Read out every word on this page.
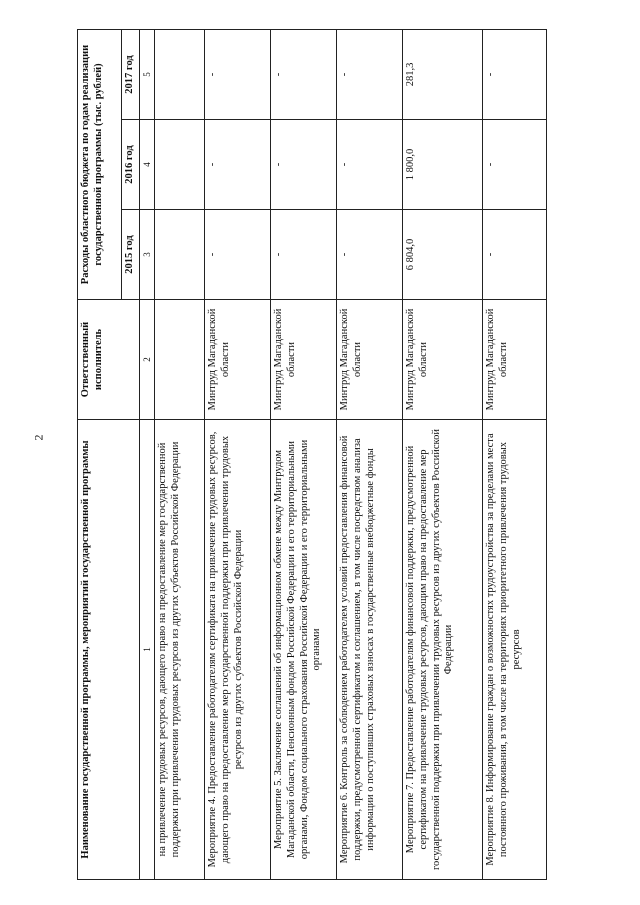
2
Наименование государственной программы, мероприятий государственной программы	Ответственный исполнитель	Расходы областного бюджета по годам реализации государственной программы (тыс. рублей)		
		2015 год	2016 год	2017 год
1	2	3	4	5
на привлечение трудовых ресурсов, дающего право на предоставление мер государственной поддержки при привлечении трудовых ресурсов из других субъектов Российской Федерации				
Мероприятие 4. Предоставление работодателям сертификата на привлечение трудовых ресурсов, дающего право на предоставление мер государственной поддержки при привлечении трудовых ресурсов из других субъектов Российской Федерации	Минтруд Магаданской области	-	-	-
Мероприятие 5. Заключение соглашений об информационном обмене между Минтрудом Магаданской области, Пенсионным фондом Российской Федерации и его территориальными органами, Фондом социального страхования Российской Федерации и его территориальными органами	Минтруд Магаданской области	-	-	-
Мероприятие 6. Контроль за соблюдением работодателем условий предоставления финансовой поддержки, предусмотренной сертификатом и соглашением, в том числе посредством анализа информации о поступивших страховых взносах в государственные внебюджетные фонды	Минтруд Магаданской области	-	-	-
Мероприятие 7. Предоставление работодателям финансовой поддержки, предусмотренной сертификатом на привлечение трудовых ресурсов, дающим право на предоставление мер государственной поддержки при привлечении трудовых ресурсов из других субъектов Российской Федерации	Минтруд Магаданской области	6 804,0	1 800,0	281,3
Мероприятие 8. Информирование граждан о возможностях трудоустройства за пределами места постоянного проживания, в том числе на территориях приоритетного привлечения трудовых ресурсов	Минтруд Магаданской области	-	-	-
